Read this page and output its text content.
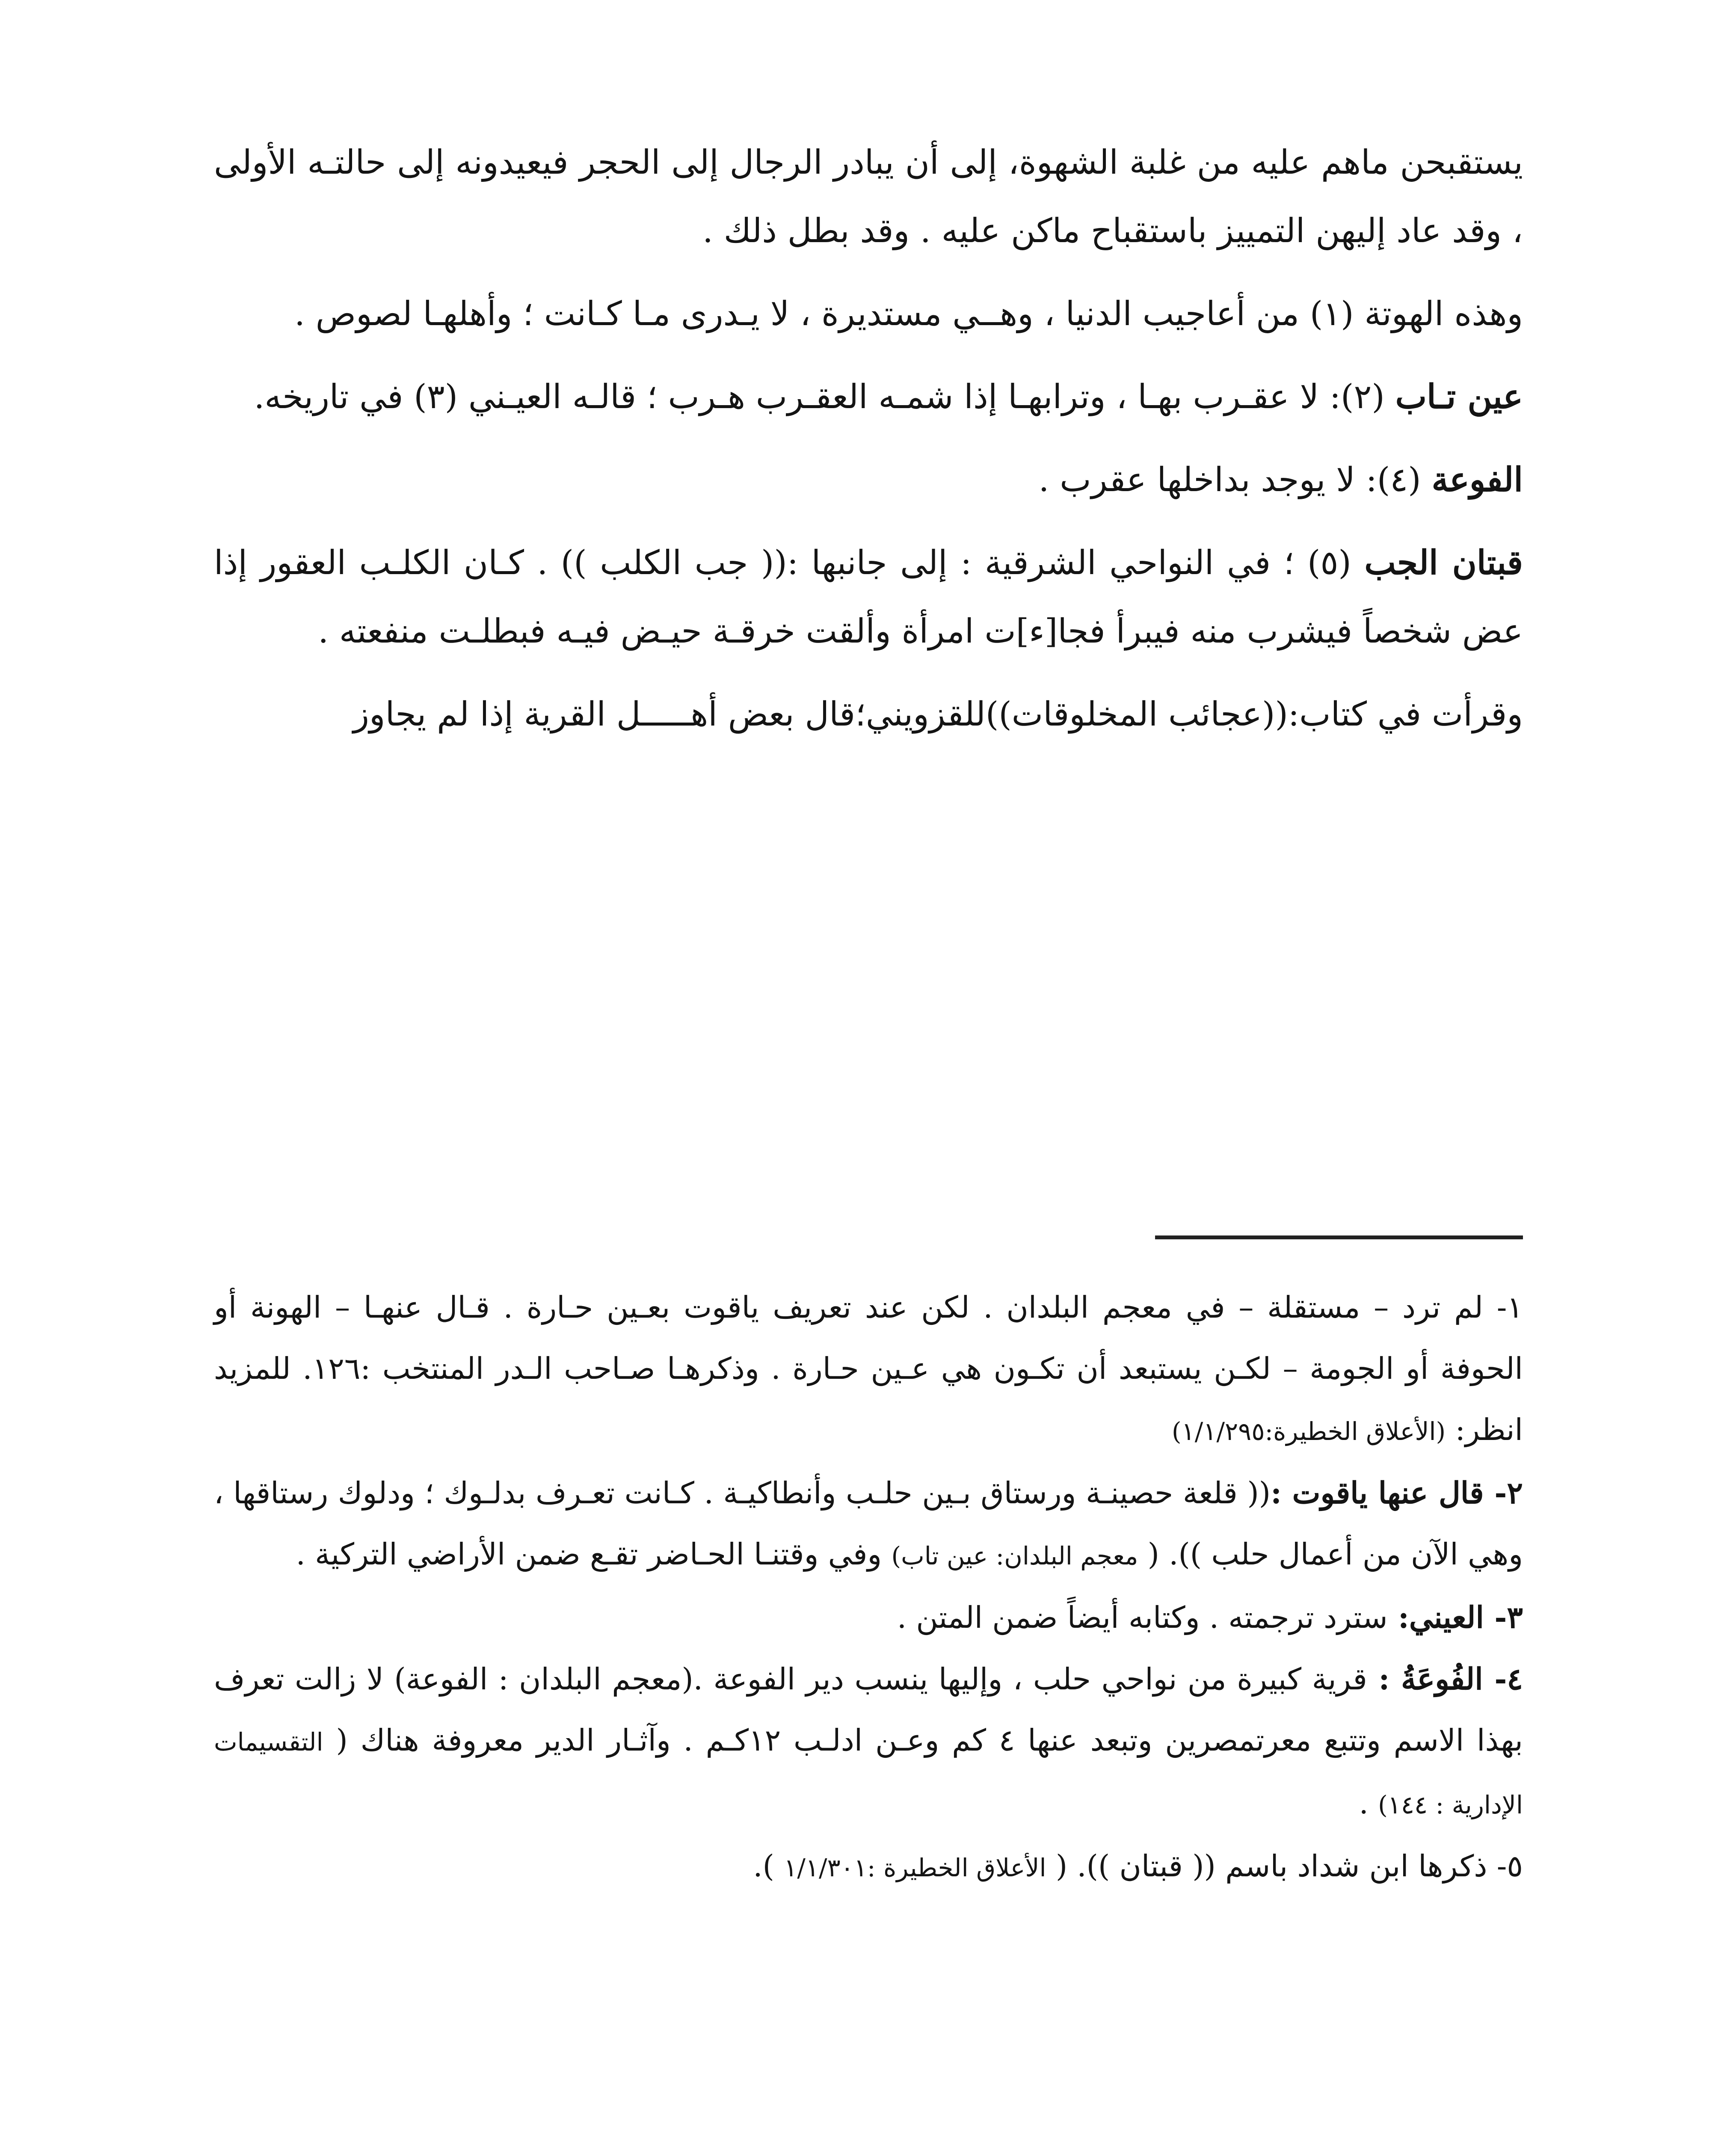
يستقبحن ماهم عليه من غلبة الشهوة، إلى أن يبادر الرجال إلى الحجر فيعيدونه إلى حالتـه الأولى ، وقد عاد إليهن التمييز باستقباح ماكن عليه . وقد بطل ذلك .

وهذه الهوتة (١) من أعاجيب الدنيا ، وهــي مستديرة ، لا يـدرى مـا كـانت ؛ وأهلهـا لصوص .

عين تـاب (٢): لا عقـرب بهـا ، وترابهـا إذا شمـه العقـرب هـرب ؛ قالـه العيـني (٣) في تاريخه.

الفوعة (٤): لا يوجد بداخلها عقرب .

قبتان الجب (٥) ؛ في النواحي الشرقية : إلى جانبها :(( جب الكلب )) . كـان الكلـب العقور إذا عض شخصاً فيشرب منه فيبرأ فجا[ء]ت امرأة وألقت خرقـة حيـض فيـه فبطلـت منفعته .

وقرأت في كتاب:((عجائب المخلوقات))للقزويني؛قال بعض أهـــــل القرية إذا لم يجاوز

١- لم ترد – مستقلة – في معجم البلدان . لكن عند تعريف ياقوت بعـين حـارة . قـال عنهـا – الهونة أو الحوفة أو الجومة – لكـن يستبعد أن تكـون هي عـين حـارة . وذكرهـا صـاحب الـدر المنتخب :١٢٦. للمزيد انظر: (الأعلاق الخطيرة:١/١/٢٩٥)

٢- قال عنها ياقوت :(( قلعة حصينـة ورستاق بـين حلـب وأنطاكيـة . كـانت تعـرف بدلـوك ؛ ودلوك رستاقها ، وهي الآن من أعمال حلب )). ( معجم البلدان: عين تاب) وفي وقتنـا الحـاضر تقـع ضمن الأراضي التركية .

٣- العيني: سترد ترجمته . وكتابه أيضاً ضمن المتن .

٤- الفُوعَةُ : قرية كبيرة من نواحي حلب ، وإليها ينسب دير الفوعة .(معجم البلدان : الفوعة) لا زالت تعرف بهذا الاسم وتتبع معرتمصرين وتبعد عنها ٤ كم وعـن ادلـب ١٢كـم . وآثـار الدير معروفة هناك ( التقسيمات الإدارية : ١٤٤) .

٥- ذكرها ابن شداد باسم (( قبتان )). ( الأعلاق الخطيرة :١/١/٣٠١ ).
